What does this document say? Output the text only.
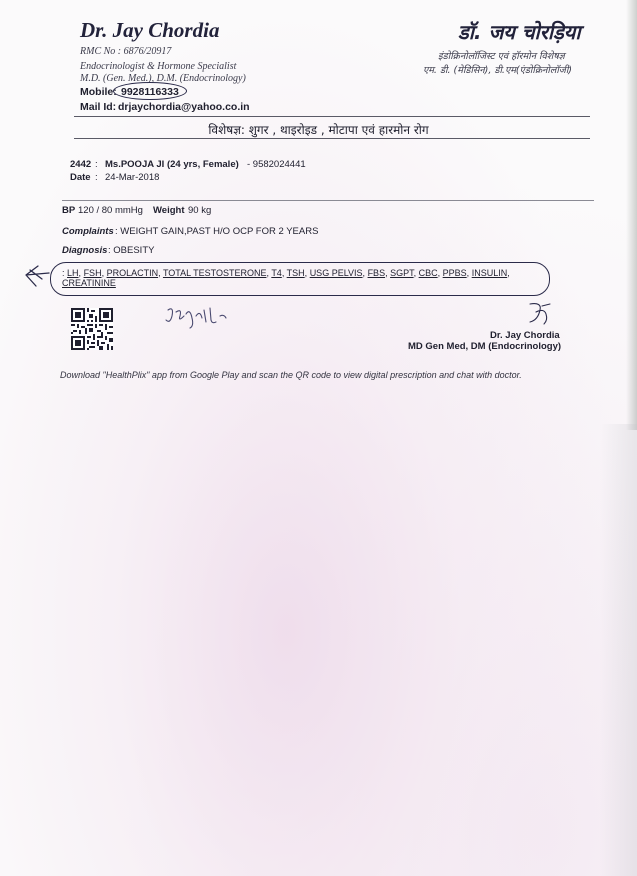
Dr. Jay Chordia
RMC No : 6876/20917
Endocrinologist & Hormone Specialist
M.D. (Gen. Med.), D.M. (Endocrinology)
Mobile: 9928116333
Mail Id: drjaychordia@yahoo.co.in
डॉ. जय चोरड़िया
इंडोक्रिनोलॉजिस्ट एवं हॉरमोन विशेषज्ञ
एम. डी. (मेडिसिन), डी.एम(एंडोक्रिनोलॉजी)
विशेषज्ञ: शुगर , थाइरोइड , मोटापा एवं हारमोन रोग
2442 : Ms.POOJA JI (24 yrs, Female) - 9582024441
Date : 24-Mar-2018
BP 120 / 80 mmHg Weight 90 kg
Complaints : WEIGHT GAIN,PAST H/O OCP FOR 2 YEARS
Diagnosis : OBESITY
: LH, FSH, PROLACTIN, TOTAL TESTOSTERONE, T4, TSH, USG PELVIS, FBS, SGPT, CBC, PPBS, INSULIN,
CREATININE
Dr. Jay Chordia
MD Gen Med, DM (Endocrinology)
Download "HealthPlix" app from Google Play and scan the QR code to view digital prescription and chat with doctor.
